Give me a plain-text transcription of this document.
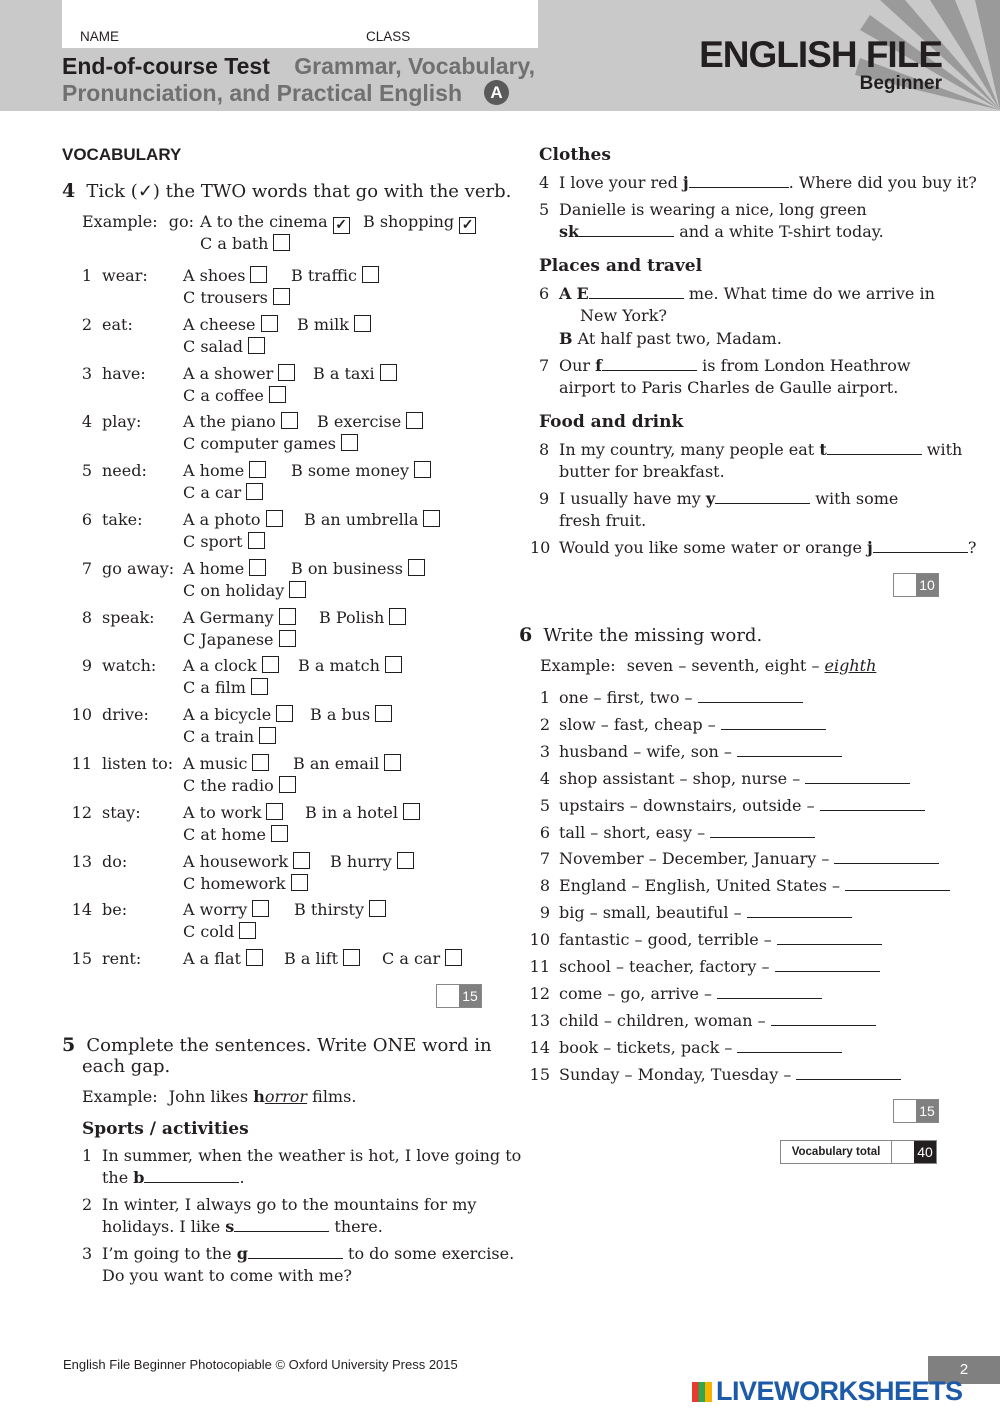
NAME	CLASS
End-of-course Test Grammar, Vocabulary,
Pronunciation, and Practical English A
ENGLISH FILE
Beginner
VOCABULARY
4 Tick (✓) the TWO words that go with the verb.
Example: go: A to the cinema ✓ B shopping ✓
C a bath
1 wear: A shoes	B traffic
C trousers
2 eat:	A cheese	B milk
C salad
3 have: A a shower	B a taxi
C a coffee
4 play:	A the piano	B exercise
C computer games
5 need: A home	B some money
C a car
6 take:	A a photo	B an umbrella
C sport
7 go away: A home	B on business
C on holiday
8 speak: A Germany	B Polish
C Japanese
9 watch: A a clock	B a match
C a film
10 drive: A a bicycle	B a bus
C a train
11 listen to: A music	B an email
C the radio
12 stay:	A to work	B in a hotel
C at home
13 do:	A housework	B hurry
C homework
14 be:	A worry	B thirsty
C cold
15 rent:	A a flat	B a lift	C a car
15
5 Complete the sentences. Write ONE word in
each gap.
Example: John likes horror films.
Sports / activities
1 In summer, when the weather is hot, I love going to
the b	.
2 In winter, I always go to the mountains for my
holidays. I like s	there.
3 I’m going to the g	to do some exercise.
Do you want to come with me?
Clothes
4 I love your red j	. Where did you buy it?
5 Danielle is wearing a nice, long green
sk	and a white T-shirt today.
Places and travel
6 A E	me. What time do we arrive in
New York?
B At half past two, Madam.
7 Our f	is from London Heathrow
airport to Paris Charles de Gaulle airport.
Food and drink
8 In my country, many people eat t	with
butter for breakfast.
9 I usually have my y	with some
fresh fruit.
10 Would you like some water or orange j	?
10
6 Write the missing word.
Example: seven – seventh, eight – eighth
1 one – first, two –
2 slow – fast, cheap –
3 husband – wife, son –
4 shop assistant – shop, nurse –
5 upstairs – downstairs, outside –
6 tall – short, easy –
7 November – December, January –
8 England – English, United States –
9 big – small, beautiful –
10 fantastic – good, terrible –
11 school – teacher, factory –
12 come – go, arrive –
13 child – children, woman –
14 book – tickets, pack –
15 Sunday – Monday, Tuesday –
15
Vocabulary total	40
English File Beginner Photocopiable © Oxford University Press 2015	2
LIVEWORKSHEETS
